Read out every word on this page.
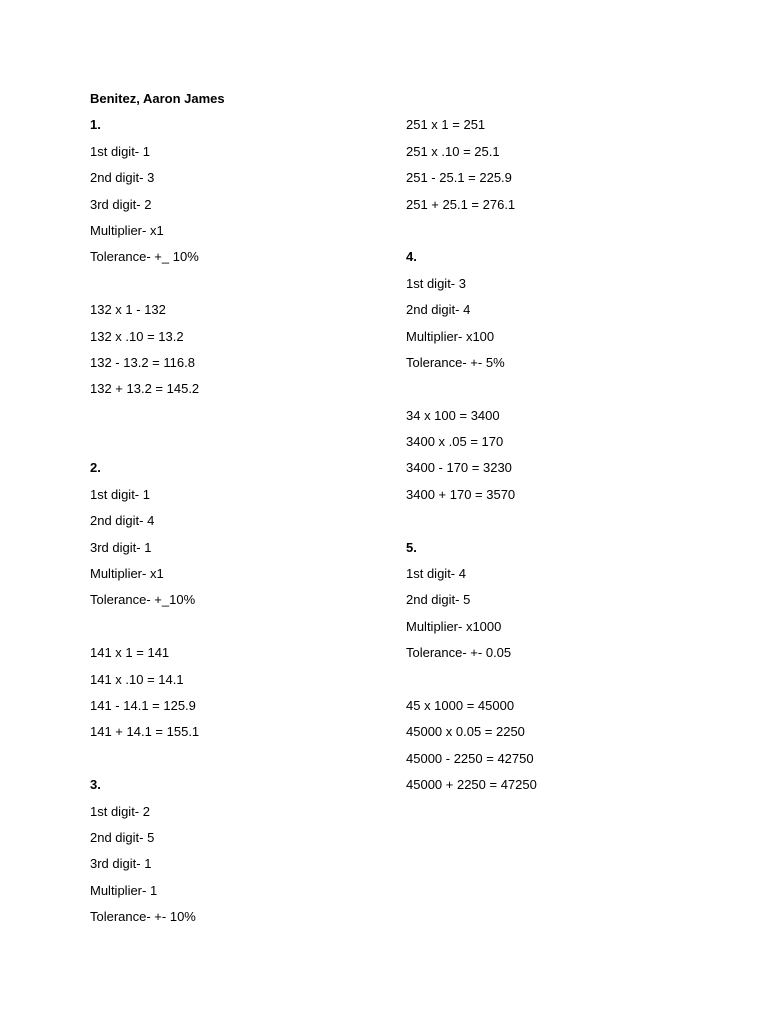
Benitez, Aaron James
1.
1st digit- 1
2nd digit- 3
3rd digit- 2
Multiplier- x1
Tolerance- +_ 10%
132 x 1 - 132
132 x .10 = 13.2
132 - 13.2 = 116.8
132 + 13.2 = 145.2
2.
1st digit- 1
2nd digit- 4
3rd digit- 1
Multiplier- x1
Tolerance- +_10%
141 x 1 = 141
141 x .10 = 14.1
141 - 14.1 = 125.9
141 + 14.1 = 155.1
3.
1st digit- 2
2nd digit- 5
3rd digit- 1
Multiplier- 1
Tolerance- +- 10%
251 x 1 = 251
251 x .10 = 25.1
251 - 25.1 = 225.9
251 + 25.1 = 276.1
4.
1st digit- 3
2nd digit- 4
Multiplier- x100
Tolerance- +- 5%
34 x 100 = 3400
3400 x .05 = 170
3400 - 170 = 3230
3400 + 170 = 3570
5.
1st digit- 4
2nd digit- 5
Multiplier- x1000
Tolerance- +- 0.05
45 x 1000 = 45000
45000 x 0.05 = 2250
45000 - 2250 = 42750
45000 + 2250 = 47250
